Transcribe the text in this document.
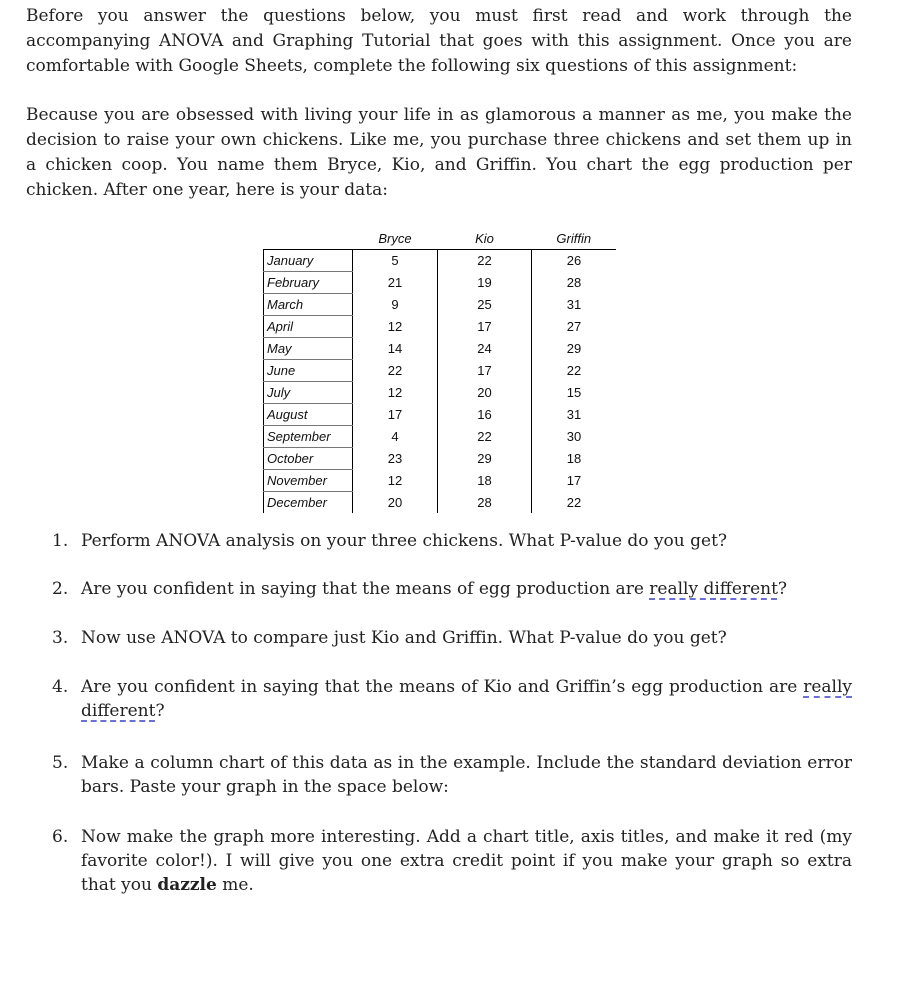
Before you answer the questions below, you must first read and work through the accompanying ANOVA and Graphing Tutorial that goes with this assignment. Once you are comfortable with Google Sheets, complete the following six questions of this assignment:

Because you are obsessed with living your life in as glamorous a manner as me, you make the decision to raise your own chickens. Like me, you purchase three chickens and set them up in a chicken coop. You name them Bryce, Kio, and Griffin. You chart the egg production per chicken. After one year, here is your data:

	Bryce	Kio	Griffin
January	5	22	26
February	21	19	28
March	9	25	31
April	12	17	27
May	14	24	29
June	22	17	22
July	12	20	15
August	17	16	31
September	4	22	30
October	23	29	18
November	12	18	17
December	20	28	22

1. Perform ANOVA analysis on your three chickens. What P-value do you get?

2. Are you confident in saying that the means of egg production are really different?

3. Now use ANOVA to compare just Kio and Griffin. What P-value do you get?

4. Are you confident in saying that the means of Kio and Griffin’s egg production are really different?

5. Make a column chart of this data as in the example. Include the standard deviation error bars. Paste your graph in the space below:

6. Now make the graph more interesting. Add a chart title, axis titles, and make it red (my favorite color!). I will give you one extra credit point if you make your graph so extra that you dazzle me.
